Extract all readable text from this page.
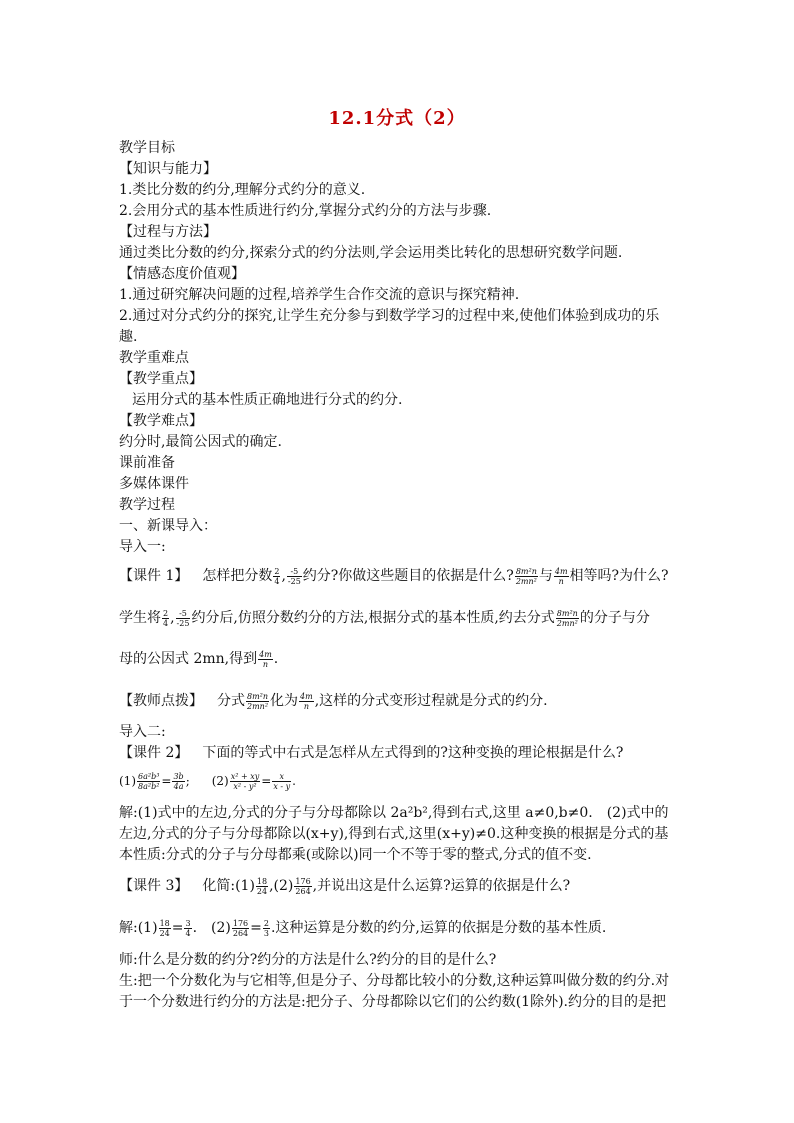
12.1分式（2）
教学目标
【知识与能力】
1.类比分数的约分,理解分式约分的意义.
2.会用分式的基本性质进行约分,掌握分式约分的方法与步骤.
【过程与方法】
通过类比分数的约分,探索分式的约分法则,学会运用类比转化的思想研究数学问题.
【情感态度价值观】
1.通过研究解决问题的过程,培养学生合作交流的意识与探究精神.
2.通过对分式约分的探究,让学生充分参与到数学学习的过程中来,使他们体验到成功的乐
趣.
教学重难点
【教学重点】
运用分式的基本性质正确地进行分式的约分.
【教学难点】
约分时,最简公因式的确定.
课前准备
多媒体课件
教学过程
一、新课导入：
导入一:
【课件 1】 怎样把分数 $\frac{2}{4}$ , $\frac{-5}{-25}$ 约分?你做这些题目的依据是什么? $\frac{\text{8m²n}}{\text{2mn²}}$ 与 $\frac{4m}{n}$ 相等吗?为什么?
学生将 $\frac{2}{4}$ , $\frac{-5}{-25}$ 约分后,仿照分数约分的方法,根据分式的基本性质,约去分式 $\frac{\text{8m²n}}{\text{2mn²}}$ 的分子与分
母的公因式 2mn,得到 $\frac{4m}{n}$ .
【教师点拨】 分式 $\frac{\text{8m²n}}{\text{2mn²}}$ 化为 $\frac{4m}{n}$ ,这样的分式变形过程就是分式的约分.
导入二:
【课件 2】 下面的等式中右式是怎样从左式得到的?这种变换的理论根据是什么?
$(1) \frac{\text{6a²b³}}{\text{8a²b²}} = \frac{3b}{4a}$ ; $(2) \frac{\text{x² + xy}}{\text{x² - y²}} = \frac{x}{x - y}$ .
解:(1)式中的左边,分式的分子与分母都除以 2a²b²,得到右式,这里 a≠0,b≠0.　(2)式中的
左边,分式的分子与分母都除以(x+y),得到右式,这里(x+y)≠0.这种变换的根据是分式的基
本性质:分式的分子与分母都乘(或除以)同一个不等于零的整式,分式的值不变.
【课件 3】 化简:(1) $\frac{18}{24} ,(2) \frac{176}{264}$ ,并说出这是什么运算?运算的依据是什么?
解:(1) $\frac{18}{24} = \frac{3}{4}$ .　$(2) \frac{176}{264} = \frac{2}{3}$ .这种运算是分数的约分,运算的依据是分数的基本性质.
师:什么是分数的约分?约分的方法是什么?约分的目的是什么?
生:把一个分数化为与它相等,但是分子、分母都比较小的分数,这种运算叫做分数的约分.对
于一个分数进行约分的方法是:把分子、分母都除以它们的公约数(1除外).约分的目的是把
